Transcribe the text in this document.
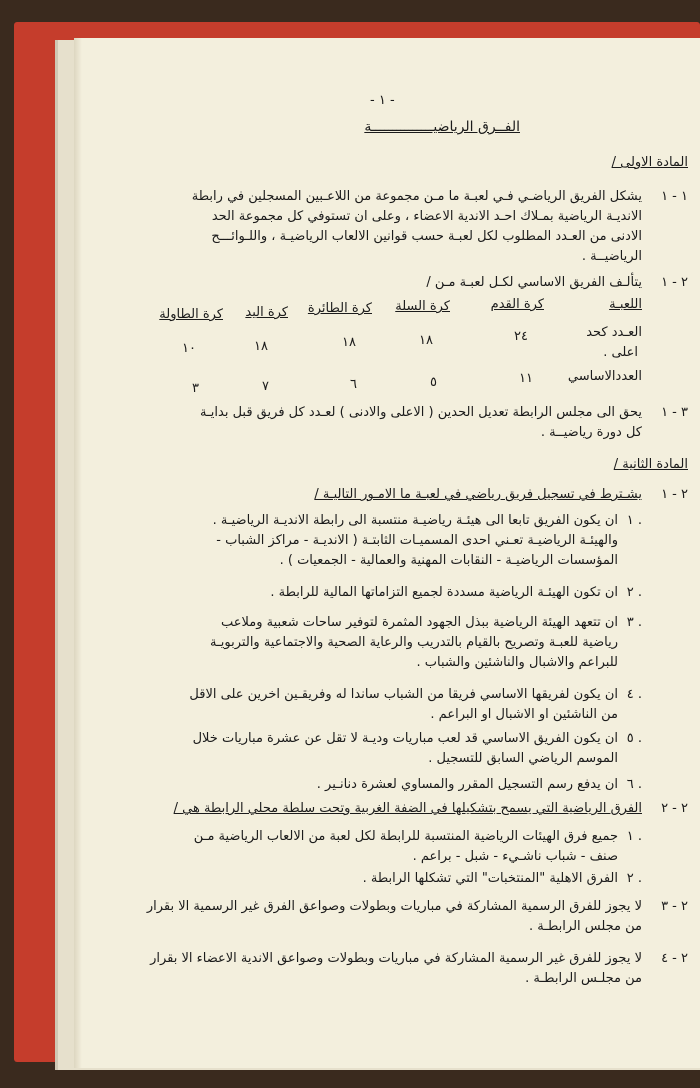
- ١ -
الفــرق الرياضيـــــــــــــــة
المادة الاولى /
١ - ١
يشكل الفريق الرياضـي فـي لعبـة ما مـن مجموعة من اللاعـبين المسجلين في رابطة
الانديـة الرياضية بمـلاك احـد الاندية الاعضاء ، وعلى ان تستوفي كل مجموعة الحد
الادنى من العـدد المطلوب لكل لعبـة حسب قوانين الالعاب الرياضيـة ، واللـوائـــح
الرياضيــة .
٢ - ١
يتألـف الفريق الاساسي لكـل لعبـة مـن /
اللعبـة
كرة القدم
كرة السلة
كرة الطائرة
كرة اليد
كرة الطاولة
العـدد كحد
اعلى .
٢٤
١٨
١٨
١٨
١٠
العددالاساسي
١١
٥
٦
٧
٣
٣ - ١
يحق الى مجلس الرابطة تعديل الحدين ( الاعلى والادنى ) لعـدد كل فريق قبل بدايـة
كل دورة رياضيــة .
المادة الثانية /
٢ - ١
يشـترط في تسجيل فريق رياضي في لعبـة ما الامـور التاليـة /
١ .
ان يكون الفريق تابعا الى هيئـة رياضيـة منتسبة الى رابطة الانديـة الرياضيـة .
والهيئـة الرياضيـة تعـني احدى المسميـات الثابتـة ( الانديـة - مراكز الشباب -
المؤسسات الرياضيـة - النقابات المهنية والعمالية - الجمعيات ) .
٢ .
ان تكون الهيئـة الرياضية مسددة لجميع التزاماتها المالية للرابطة .
٣ .
ان تتعهد الهيئة الرياضية ببذل الجهود المثمرة لتوفير ساحات شعبية وملاعب
رياضية للعبـة وتصريح بالقيام بالتدريب والرعاية الصحية والاجتماعية والتربويـة
للبراعم والاشبال والناشئين والشباب .
٤ .
ان يكون لفريقها الاساسي فريقا من الشباب ساندا له وفريقـين اخرين على الاقل
من الناشئين او الاشبال او البراعم .
٥ .
ان يكون الفريق الاساسي قد لعب مباريات وديـة لا تقل عن عشرة مباريات خلال
الموسم الرياضي السابق للتسجيل .
٦ .
ان يدفع رسم التسجيل المقرر والمساوي لعشرة دنانـير .
٢ - ٢
الفرق الرياضية التي يسمح بتشكيلها في الضفة الغربية وتحت سلطة محلي الرابطة هي /
١ .
جميع فرق الهيئات الرياضية المنتسبة للرابطة لكل لعبة من الالعاب الرياضية مـن
صنف - شباب ناشـيء - شبل - براعم .
٢ .
الفرق الاهلية "المنتخبات" التي تشكلها الرابطة .
٢ - ٣
لا يجوز للفرق الرسمية المشاركة في مباريات وبطولات وصواعق الفرق غير الرسمية الا بقرار
من مجلس الرابطـة .
٢ - ٤
لا يجوز للفرق غير الرسمية المشاركة في مباريات وبطولات وصواعق الاندية الاعضاء الا بقرار
من مجلـس الرابطـة .
